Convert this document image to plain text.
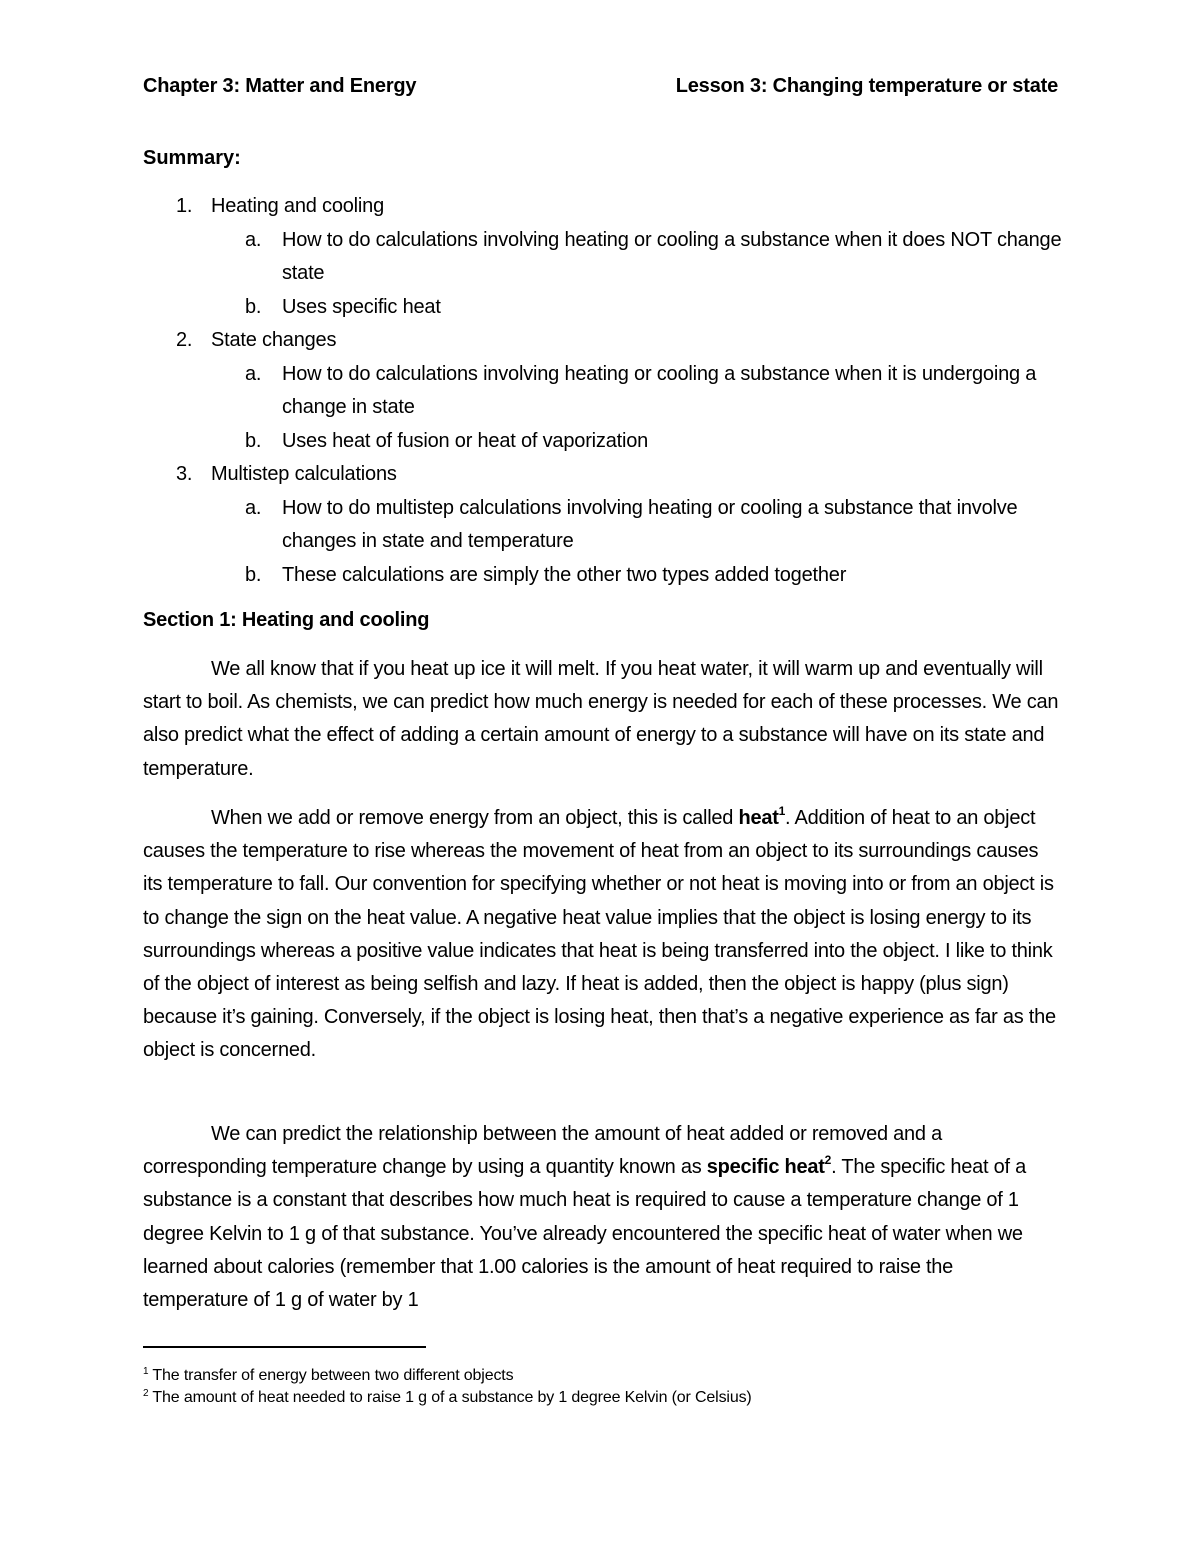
Chapter 3: Matter and Energy	Lesson 3: Changing temperature or state
Summary:
1. Heating and cooling
a. How to do calculations involving heating or cooling a substance when it does NOT change state
b. Uses specific heat
2. State changes
a. How to do calculations involving heating or cooling a substance when it is undergoing a change in state
b. Uses heat of fusion or heat of vaporization
3. Multistep calculations
a. How to do multistep calculations involving heating or cooling a substance that involve changes in state and temperature
b. These calculations are simply the other two types added together
Section 1: Heating and cooling

We all know that if you heat up ice it will melt. If you heat water, it will warm up and eventually will start to boil. As chemists, we can predict how much energy is needed for each of these processes. We can also predict what the effect of adding a certain amount of energy to a substance will have on its state and temperature.

When we add or remove energy from an object, this is called heat$^1$. Addition of heat to an object causes the temperature to rise whereas the movement of heat from an object to its surroundings causes its temperature to fall. Our convention for specifying whether or not heat is moving into or from an object is to change the sign on the heat value. A negative heat value implies that the object is losing energy to its surroundings whereas a positive value indicates that heat is being transferred into the object. I like to think of the object of interest as being selfish and lazy. If heat is added, then the object is happy (plus sign) because it’s gaining. Conversely, if the object is losing heat, then that’s a negative experience as far as the object is concerned.

We can predict the relationship between the amount of heat added or removed and a corresponding temperature change by using a quantity known as specific heat$^2$. The specific heat of a substance is a constant that describes how much heat is required to cause a temperature change of 1 degree Kelvin to 1 g of that substance. You’ve already encountered the specific heat of water when we learned about calories (remember that 1.00 calories is the amount of heat required to raise the temperature of 1 g of water by 1

$^1$ The transfer of energy between two different objects
$^2$ The amount of heat needed to raise 1 g of a substance by 1 degree Kelvin (or Celsius)
